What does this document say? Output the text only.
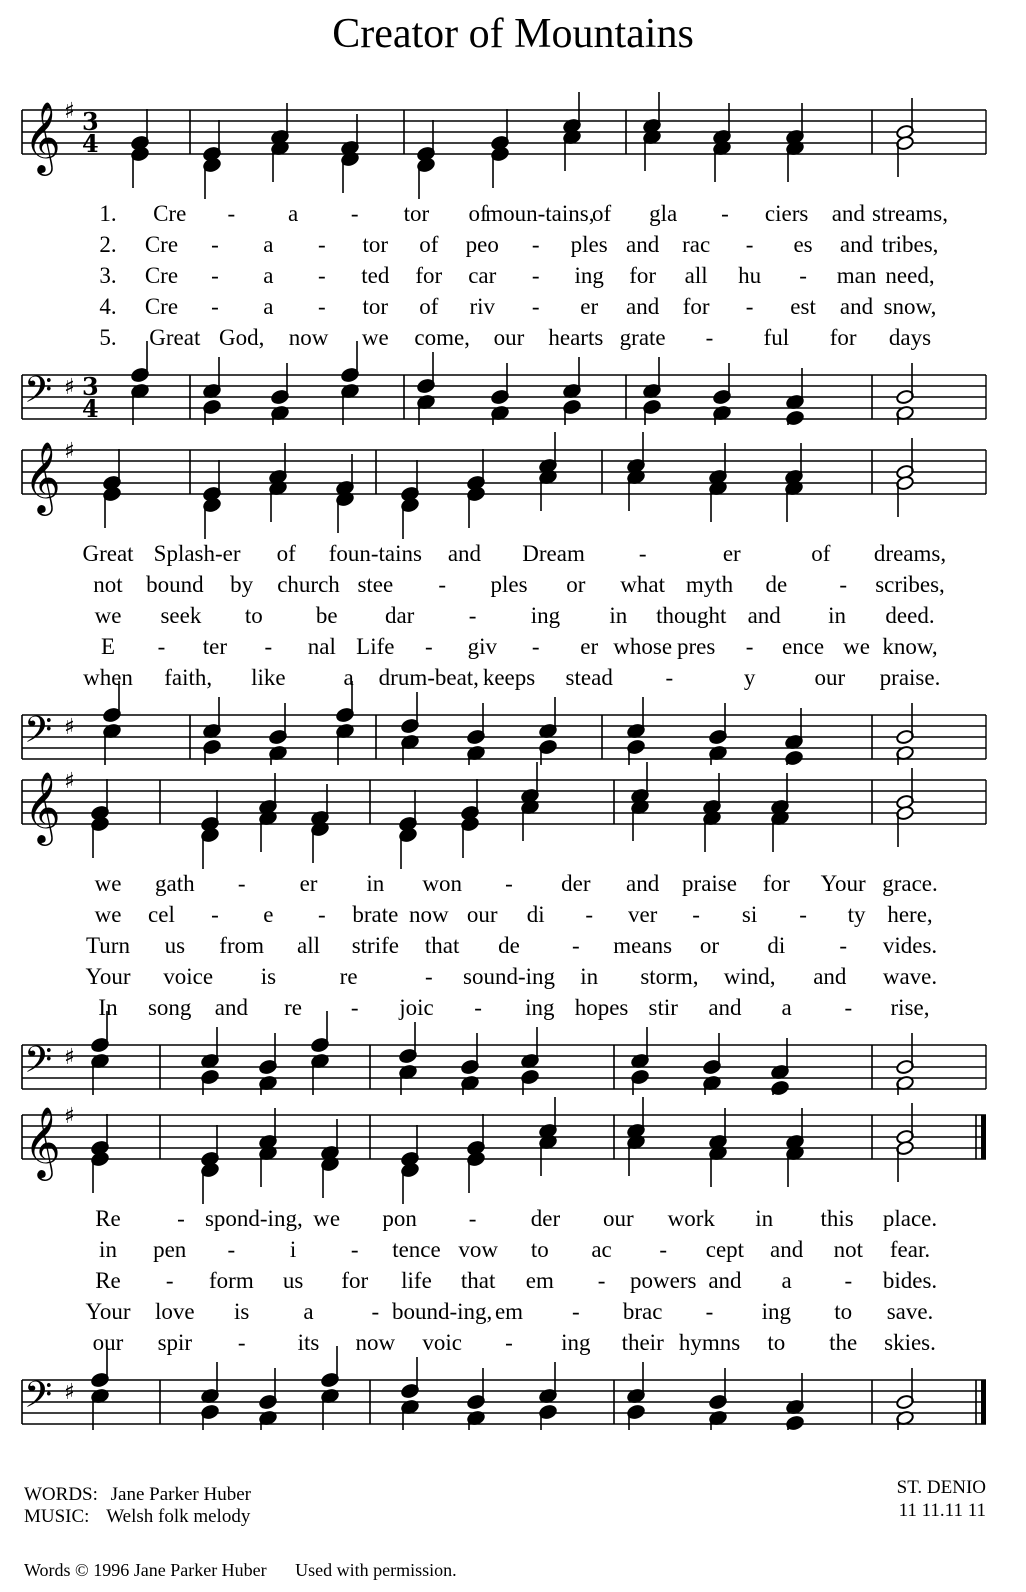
Creator of Mountains
𝄞
𝄢
♯
♯
3
4
3
4
𝄞
𝄢
♯
♯
𝄞
𝄢
♯
♯
𝄞
𝄢
♯
♯
WORDS: Jane Parker Huber
MUSIC: Welsh folk melody
ST. DENIO
11 11.11 11
Words © 1996 Jane Parker Huber Used with permission.
1. Cre - a - tor of
moun-tains,
of gla - ciers and streams,
2. Cre - a - tor of peo - ples and rac - es and tribes,
3. Cre - a - ted for car - ing for all hu - man need,
4. Cre - a - tor of riv - er and for - est and snow,
5. Great God, now we come, our hearts grate - ful for days
Great Splash-er of foun-tains and Dream -	er	of dreams,
not bound by church stee - ples or what myth de - scribes,
we seek to be dar - ing in thought and in deed.
E - ter - nal Life - giv - er whose pres - ence we know,
when faith, like	a drum-beat, keeps stead -	y	our praise.
we gath - er in won - der and praise for Your grace.
we cel - e - brate now our di - ver - si - ty here,
Turn us from all strife that de - means or di - vides.
Your voice is	re	- sound-ing in storm, wind, and wave.
In song and re - joic - ing hopes stir and a - rise,
Re - spond-ing, we pon - der our work in this place.
in pen - i - tence vow to ac - cept and not fear.
Re - form us for life that em - powers and a - bides.
Your love is a	- bound-ing, em - brac - ing to save.
our spir - its now voic - ing their hymns to the skies.
